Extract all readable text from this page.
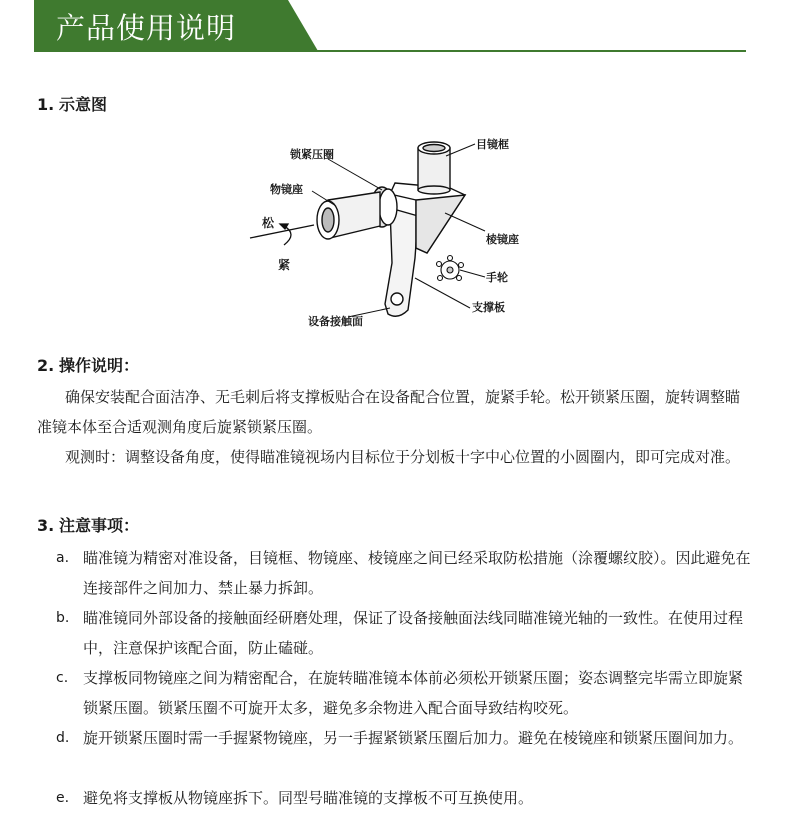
产品使用说明
1. 示意图
锁紧压圈
目镜框
物镜座
松
紧
棱镜座
手轮
支撑板
设备接触面
2. 操作说明：
确保安装配合面洁净、无毛刺后将支撑板贴合在设备配合位置，旋紧手轮。松开锁紧压圈，旋转调整瞄准镜本体至合适观测角度后旋紧锁紧压圈。
观测时：调整设备角度，使得瞄准镜视场内目标位于分划板十字中心位置的小圆圈内，即可完成对准。
3. 注意事项：
a. 瞄准镜为精密对准设备，目镜框、物镜座、棱镜座之间已经采取防松措施（涂覆螺纹胶）。因此避免在连接部件之间加力、禁止暴力拆卸。
b. 瞄准镜同外部设备的接触面经研磨处理，保证了设备接触面法线同瞄准镜光轴的一致性。在使用过程中，注意保护该配合面，防止磕碰。
c. 支撑板同物镜座之间为精密配合，在旋转瞄准镜本体前必须松开锁紧压圈；姿态调整完毕需立即旋紧锁紧压圈。锁紧压圈不可旋开太多，避免多余物进入配合面导致结构咬死。
d. 旋开锁紧压圈时需一手握紧物镜座，另一手握紧锁紧压圈后加力。避免在棱镜座和锁紧压圈间加力。
e. 避免将支撑板从物镜座拆下。同型号瞄准镜的支撑板不可互换使用。
